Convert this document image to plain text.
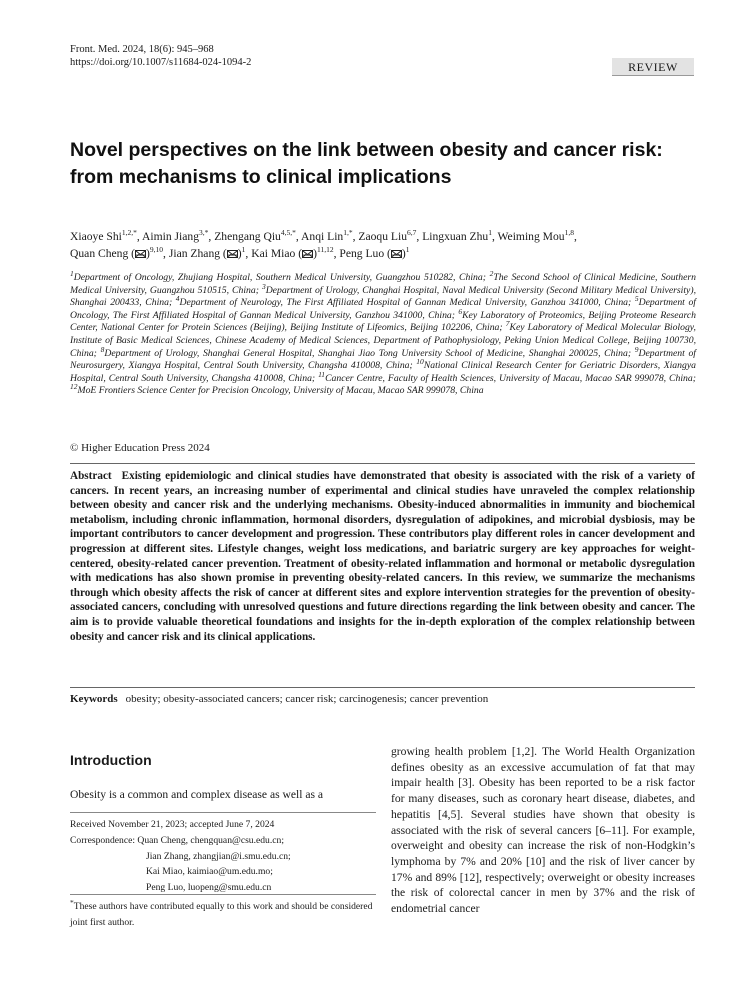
Front. Med. 2024, 18(6): 945–968
https://doi.org/10.1007/s11684-024-1094-2	REVIEW
Novel perspectives on the link between obesity and cancer risk:
from mechanisms to clinical implications
Xiaoye Shi$^{1,2,*}$, Aimin Jiang$^{3,*}$, Zhengang Qiu$^{4,5,*}$, Anqi Lin$^{1,*}$, Zaoqu Liu$^{6,7}$, Lingxuan Zhu$^1$, Weiming Mou$^{1,8}$,
Quan Cheng ( )$^{9,10}$, Jian Zhang ( )$^1$, Kai Miao ( )$^{11,12}$, Peng Luo ( )$^1$
$^1$Department of Oncology, Zhujiang Hospital, Southern Medical University, Guangzhou 510282, China; $^2$The Second School of Clinical Medicine, Southern Medical University, Guangzhou 510515, China; $^3$Department of Urology, Changhai Hospital, Naval Medical University (Second Military Medical University), Shanghai 200433, China; $^4$Department of Neurology, The First Affiliated Hospital of Gannan Medical University, Ganzhou 341000, China; $^5$Department of Oncology, The First Affiliated Hospital of Gannan Medical University, Ganzhou 341000, China; $^6$Key Laboratory of Proteomics, Beijing Proteome Research Center, National Center for Protein Sciences (Beijing), Beijing Institute of Lifeomics, Beijing 102206, China; $^7$Key Laboratory of Medical Molecular Biology, Institute of Basic Medical Sciences, Chinese Academy of Medical Sciences, Department of Pathophysiology, Peking Union Medical College, Beijing 100730, China; $^8$Department of Urology, Shanghai General Hospital, Shanghai Jiao Tong University School of Medicine, Shanghai 200025, China; $^9$Department of Neurosurgery, Xiangya Hospital, Central South University, Changsha 410008, China; $^{10}$National Clinical Research Center for Geriatric Disorders, Xiangya Hospital, Central South University, Changsha 410008, China; $^{11}$Cancer Centre, Faculty of Health Sciences, University of Macau, Macao SAR 999078, China; $^{12}$MoE Frontiers Science Center for Precision Oncology, University of Macau, Macao SAR 999078, China
© Higher Education Press 2024
Abstract Existing epidemiologic and clinical studies have demonstrated that obesity is associated with the risk of a variety of cancers. In recent years, an increasing number of experimental and clinical studies have unraveled the complex relationship between obesity and cancer risk and the underlying mechanisms. Obesity-induced abnormalities in immunity and biochemical metabolism, including chronic inflammation, hormonal disorders, dysregulation of adipokines, and microbial dysbiosis, may be important contributors to cancer development and progression. These contributors play different roles in cancer development and progression at different sites. Lifestyle changes, weight loss medications, and bariatric surgery are key approaches for weight-centered, obesity-related cancer prevention. Treatment of obesity-related inflammation and hormonal or metabolic dysregulation with medications has also shown promise in preventing obesity-related cancers. In this review, we summarize the mechanisms through which obesity affects the risk of cancer at different sites and explore intervention strategies for the prevention of obesity-associated cancers, concluding with unresolved questions and future directions regarding the link between obesity and cancer. The aim is to provide valuable theoretical foundations and insights for the in-depth exploration of the complex relationship between obesity and cancer risk and its clinical applications.
Keywords obesity; obesity-associated cancers; cancer risk; carcinogenesis; cancer prevention
Introduction
Obesity is a common and complex disease as well as a
Received November 21, 2023; accepted June 7, 2024
Correspondence: Quan Cheng, chengquan@csu.edu.cn;
Jian Zhang, zhangjian@i.smu.edu.cn;
Kai Miao, kaimiao@um.edu.mo;
Peng Luo, luopeng@smu.edu.cn
*These authors have contributed equally to this work and should be considered joint first author.
growing health problem [1,2]. The World Health Organization defines obesity as an excessive accumulation of fat that may impair health [3]. Obesity has been reported to be a risk factor for many diseases, such as coronary heart disease, diabetes, and hepatitis [4,5]. Several studies have shown that obesity is associated with the risk of several cancers [6–11]. For example, overweight and obesity can increase the risk of non-Hodgkin’s lymphoma by 7% and 20% [10] and the risk of liver cancer by 17% and 89% [12], respectively; overweight or obesity increases the risk of colorectal cancer in men by 37% and the risk of endometrial cancer
